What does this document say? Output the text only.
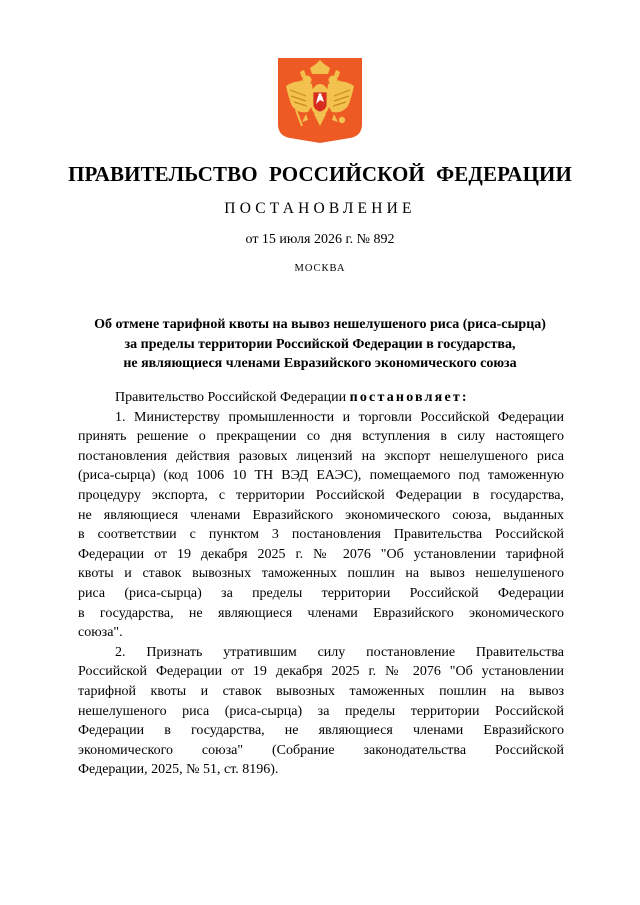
ПРАВИТЕЛЬСТВО РОССИЙСКОЙ ФЕДЕРАЦИИ
ПОСТАНОВЛЕНИЕ
от 15 июля 2026 г. № 892
МОСКВА
Об отмене тарифной квоты на вывоз нешелушеного риса (риса-сырца)
за пределы территории Российской Федерации в государства,
не являющиеся членами Евразийского экономического союза
Правительство Российской Федерации постановляет:
1. Министерству промышленности и торговли Российской Федерации
принять решение о прекращении со дня вступления в силу настоящего
постановления действия разовых лицензий на экспорт нешелушеного риса
(риса-сырца) (код 1006 10 ТН ВЭД ЕАЭС), помещаемого под таможенную
процедуру экспорта, с территории Российской Федерации в государства,
не являющиеся членами Евразийского экономического союза, выданных
в соответствии с пунктом 3 постановления Правительства Российской
Федерации от 19 декабря 2025 г. № 2076 "Об установлении тарифной
квоты и ставок вывозных таможенных пошлин на вывоз нешелушеного
риса (риса-сырца) за пределы территории Российской Федерации
в государства, не являющиеся членами Евразийского экономического
союза".
2. Признать утратившим силу постановление Правительства
Российской Федерации от 19 декабря 2025 г. № 2076 "Об установлении
тарифной квоты и ставок вывозных таможенных пошлин на вывоз
нешелушеного риса (риса-сырца) за пределы территории Российской
Федерации в государства, не являющиеся членами Евразийского
экономического союза" (Собрание законодательства Российской
Федерации, 2025, № 51, ст. 8196).
